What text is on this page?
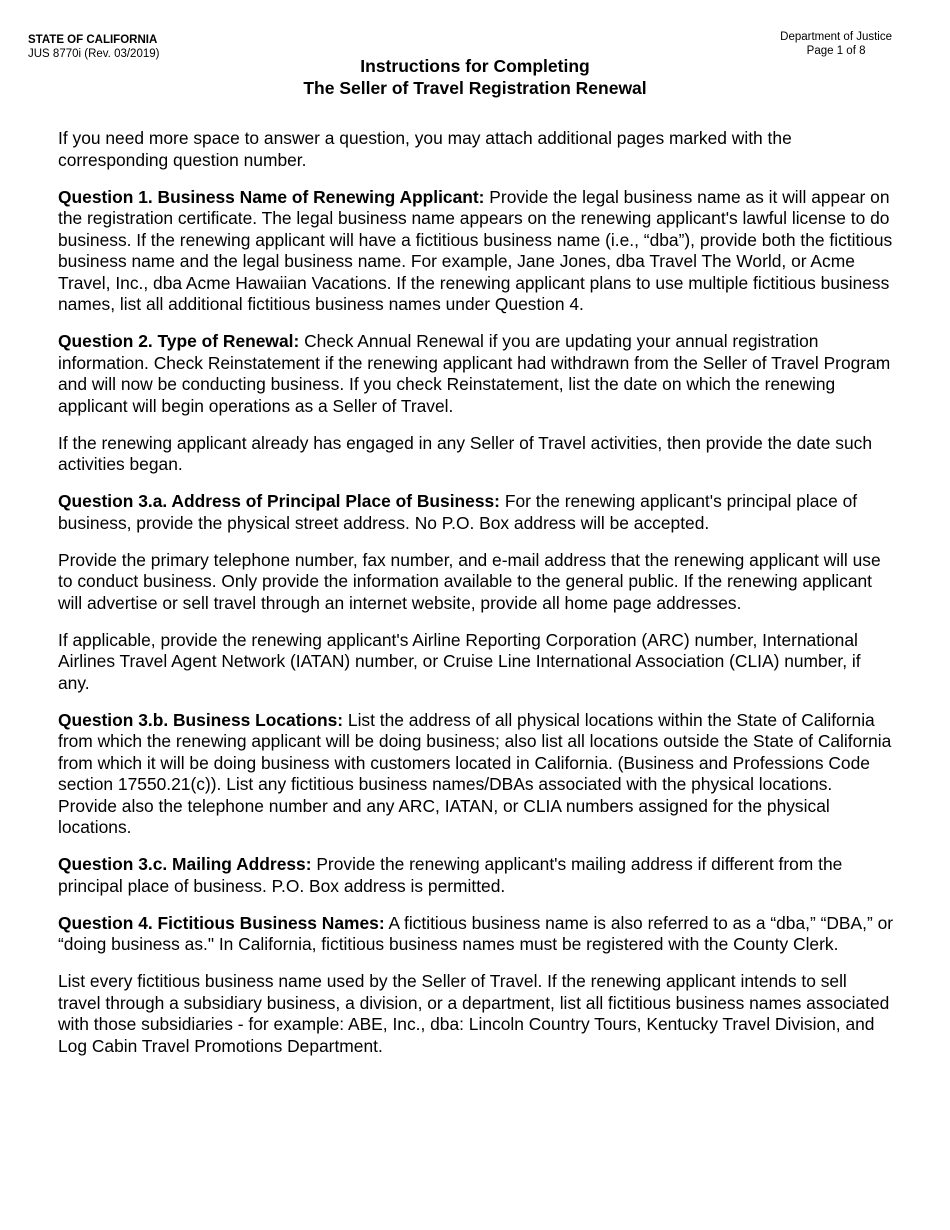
STATE OF CALIFORNIA
JUS 8770i (Rev. 03/2019)
Department of Justice
Page 1 of 8
Instructions for Completing
The Seller of Travel Registration Renewal

If you need more space to answer a question, you may attach additional pages marked with the corresponding question number.

Question 1. Business Name of Renewing Applicant: Provide the legal business name as it will appear on the registration certificate. The legal business name appears on the renewing applicant's lawful license to do business. If the renewing applicant will have a fictitious business name (i.e., “dba”), provide both the fictitious business name and the legal business name. For example, Jane Jones, dba Travel The World, or Acme Travel, Inc., dba Acme Hawaiian Vacations. If the renewing applicant plans to use multiple fictitious business names, list all additional fictitious business names under Question 4.

Question 2. Type of Renewal: Check Annual Renewal if you are updating your annual registration information. Check Reinstatement if the renewing applicant had withdrawn from the Seller of Travel Program and will now be conducting business. If you check Reinstatement, list the date on which the renewing applicant will begin operations as a Seller of Travel.

If the renewing applicant already has engaged in any Seller of Travel activities, then provide the date such activities began.

Question 3.a. Address of Principal Place of Business: For the renewing applicant's principal place of business, provide the physical street address. No P.O. Box address will be accepted.

Provide the primary telephone number, fax number, and e-mail address that the renewing applicant will use to conduct business. Only provide the information available to the general public. If the renewing applicant will advertise or sell travel through an internet website, provide all home page addresses.

If applicable, provide the renewing applicant's Airline Reporting Corporation (ARC) number, International Airlines Travel Agent Network (IATAN) number, or Cruise Line International Association (CLIA) number, if any.

Question 3.b. Business Locations: List the address of all physical locations within the State of California from which the renewing applicant will be doing business; also list all locations outside the State of California from which it will be doing business with customers located in California. (Business and Professions Code section 17550.21(c)). List any fictitious business names/DBAs associated with the physical locations. Provide also the telephone number and any ARC, IATAN, or CLIA numbers assigned for the physical locations.

Question 3.c. Mailing Address: Provide the renewing applicant's mailing address if different from the principal place of business. P.O. Box address is permitted.

Question 4. Fictitious Business Names: A fictitious business name is also referred to as a “dba,” “DBA,” or “doing business as." In California, fictitious business names must be registered with the County Clerk.

List every fictitious business name used by the Seller of Travel. If the renewing applicant intends to sell travel through a subsidiary business, a division, or a department, list all fictitious business names associated with those subsidiaries - for example: ABE, Inc., dba: Lincoln Country Tours, Kentucky Travel Division, and Log Cabin Travel Promotions Department.
